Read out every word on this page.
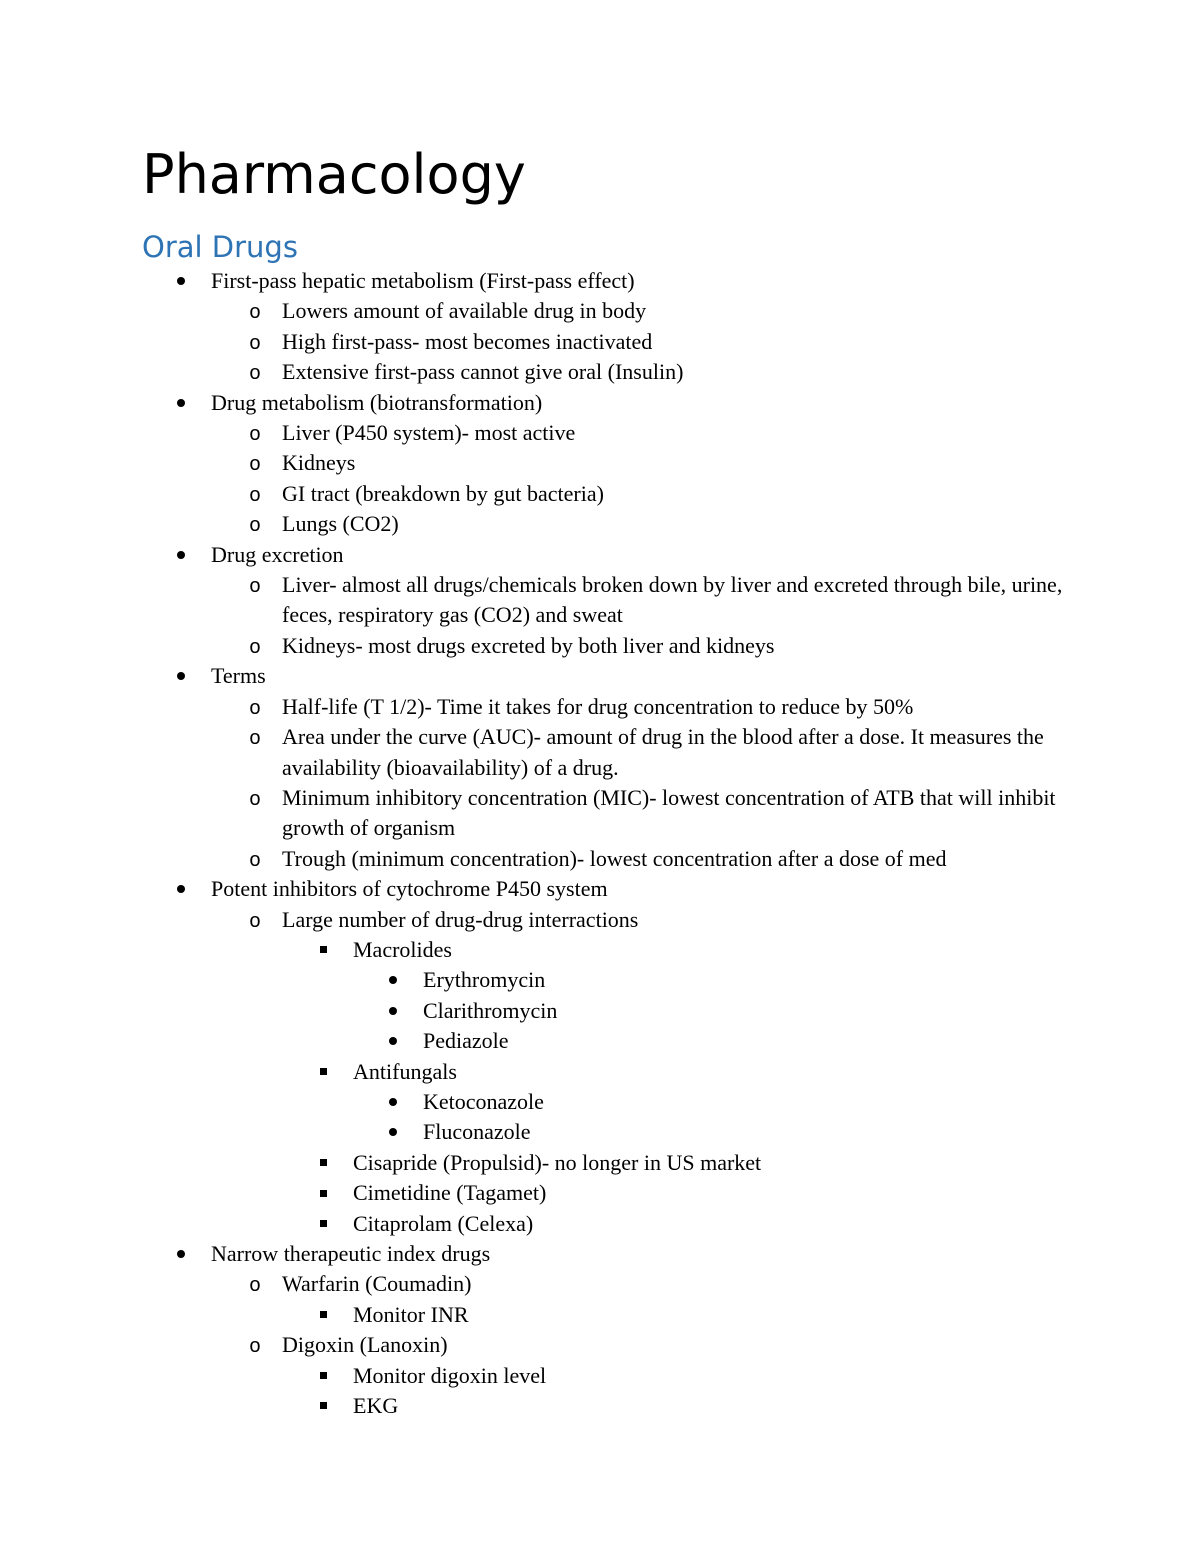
Pharmacology
Oral Drugs
First-pass hepatic metabolism (First-pass effect)
o Lowers amount of available drug in body
o High first-pass- most becomes inactivated
o Extensive first-pass cannot give oral (Insulin)
Drug metabolism (biotransformation)
o Liver (P450 system)- most active
o Kidneys
o GI tract (breakdown by gut bacteria)
o Lungs (CO2)
Drug excretion
o Liver- almost all drugs/chemicals broken down by liver and excreted through bile, urine, feces, respiratory gas (CO2) and sweat
o Kidneys- most drugs excreted by both liver and kidneys
Terms
o Half-life (T 1/2)- Time it takes for drug concentration to reduce by 50%
o Area under the curve (AUC)- amount of drug in the blood after a dose. It measures the availability (bioavailability) of a drug.
o Minimum inhibitory concentration (MIC)- lowest concentration of ATB that will inhibit growth of organism
o Trough (minimum concentration)- lowest concentration after a dose of med
Potent inhibitors of cytochrome P450 system
o Large number of drug-drug interractions
Macrolides
Erythromycin
Clarithromycin
Pediazole
Antifungals
Ketoconazole
Fluconazole
Cisapride (Propulsid)- no longer in US market
Cimetidine (Tagamet)
Citaprolam (Celexa)
Narrow therapeutic index drugs
o Warfarin (Coumadin)
Monitor INR
o Digoxin (Lanoxin)
Monitor digoxin level
EKG
